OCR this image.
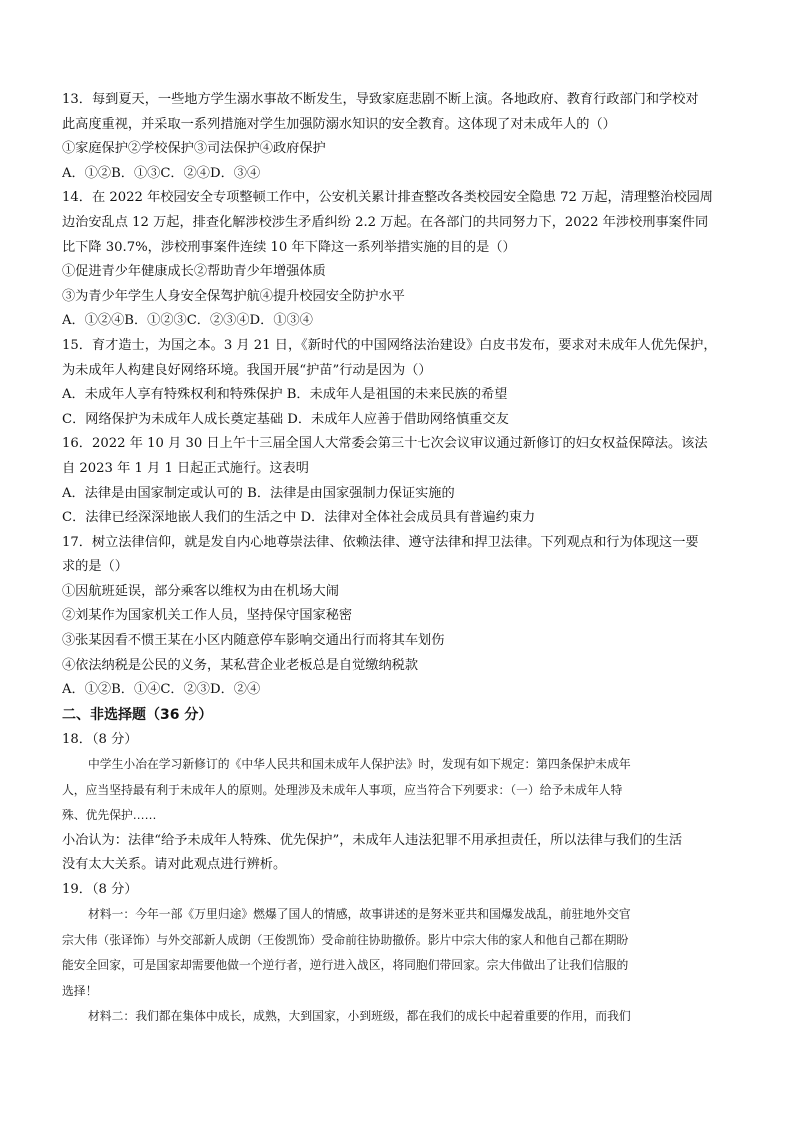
13．每到夏天，一些地方学生溺水事故不断发生，导致家庭悲剧不断上演。各地政府、教育行政部门和学校对
此高度重视，并采取一系列措施对学生加强防溺水知识的安全教育。这体现了对未成年人的（）
①家庭保护②学校保护③司法保护④政府保护
A．①②B．①③C．②④D．③④
14．在 2022 年校园安全专项整顿工作中，公安机关累计排查整改各类校园安全隐患 72 万起，清理整治校园周
边治安乱点 12 万起，排查化解涉校涉生矛盾纠纷 2.2 万起。在各部门的共同努力下，2022 年涉校刑事案件同
比下降 30.7%，涉校刑事案件连续 10 年下降这一系列举措实施的目的是（）
①促进青少年健康成长②帮助青少年增强体质
③为青少年学生人身安全保驾护航④提升校园安全防护水平
A．①②④B．①②③C．②③④D．①③④
15．育才造士，为国之本。3 月 21 日，《新时代的中国网络法治建设》白皮书发布，要求对未成年人优先保护，
为未成年人构建良好网络环境。我国开展“护苗”行动是因为（）
A．未成年人享有特殊权利和特殊保护 B．未成年人是祖国的未来民族的希望
C．网络保护为未成年人成长奠定基础 D．未成年人应善于借助网络慎重交友
16．2022 年 10 月 30 日上午十三届全国人大常委会第三十七次会议审议通过新修订的妇女权益保障法。该法
自 2023 年 1 月 1 日起正式施行。这表明
A．法律是由国家制定或认可的 B．法律是由国家强制力保证实施的
C．法律已经深深地嵌人我们的生活之中 D．法律对全体社会成员具有普遍约束力
17．树立法律信仰，就是发自内心地尊崇法律、依赖法律、遵守法律和捍卫法律。下列观点和行为体现这一要
求的是（）
①因航班延误，部分乘客以维权为由在机场大闹
②刘某作为国家机关工作人员，坚持保守国家秘密
③张某因看不惯王某在小区内随意停车影响交通出行而将其车划伤
④依法纳税是公民的义务，某私营企业老板总是自觉缴纳税款
A．①②B．①④C．②③D．②④
二、非选择题（36 分）
18．（8 分）
中学生小冶在学习新修订的《中华人民共和国未成年人保护法》时，发现有如下规定：第四条保护未成年
人，应当坚持最有利于未成年人的原则。处理涉及未成年人事项，应当符合下列要求：（一）给予未成年人特
殊、优先保护……
小冶认为：法律“给予未成年人特殊、优先保护”，未成年人违法犯罪不用承担责任，所以法律与我们的生活
没有太大关系。请对此观点进行辨析。
19．（8 分）
材料一：今年一部《万里归途》燃爆了国人的情感，故事讲述的是努米亚共和国爆发战乱，前驻地外交官
宗大伟（张译饰）与外交部新人成朗（王俊凯饰）受命前往协助撤侨。影片中宗大伟的家人和他自己都在期盼
能安全回家，可是国家却需要他做一个逆行者，逆行进入战区，将同胞们带回家。宗大伟做出了让我们信服的
选择！
材料二：我们都在集体中成长，成熟，大到国家，小到班级，都在我们的成长中起着重要的作用，而我们
